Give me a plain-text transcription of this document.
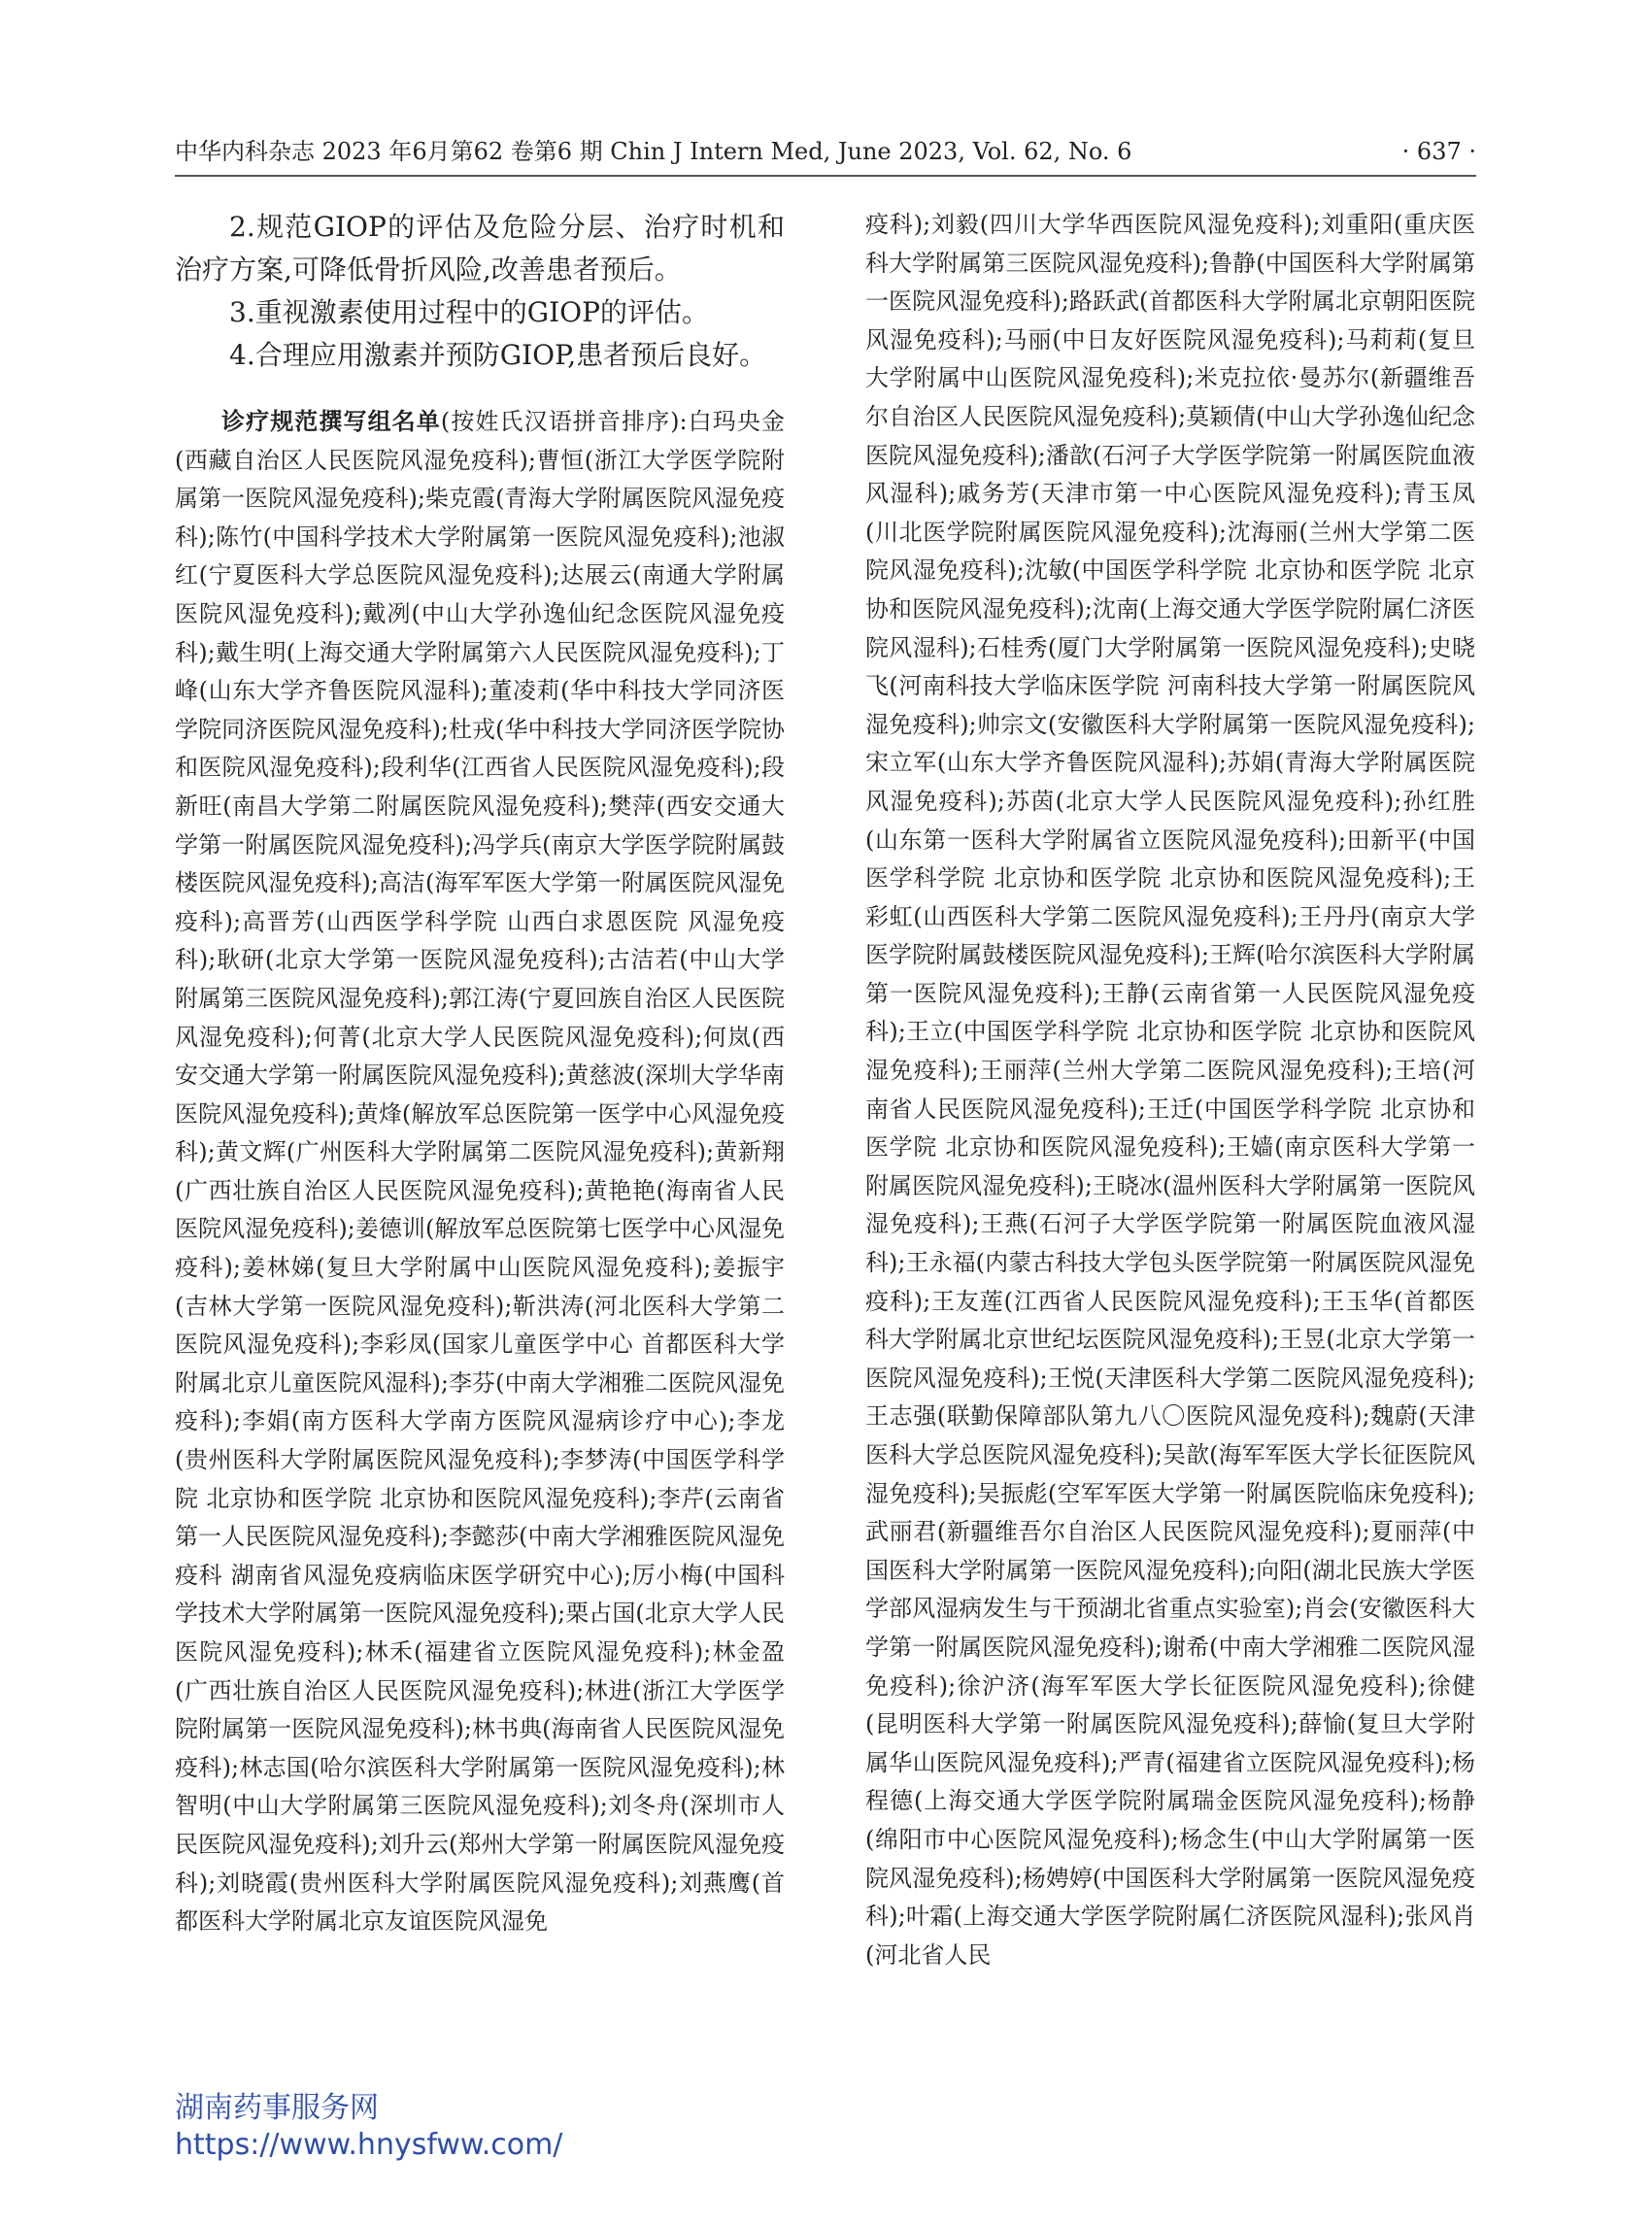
中华内科杂志 2023 年6月第62 卷第6 期 Chin J Intern Med, June 2023, Vol. 62, No. 6	· 637 ·

2.规范GIOP的评估及危险分层、治疗时机和治疗方案,可降低骨折风险,改善患者预后。

3.重视激素使用过程中的GIOP的评估。

4.合理应用激素并预防GIOP,患者预后良好。

诊疗规范撰写组名单(按姓氏汉语拼音排序):白玛央金(西藏自治区人民医院风湿免疫科);曹恒(浙江大学医学院附属第一医院风湿免疫科);柴克霞(青海大学附属医院风湿免疫科);陈竹(中国科学技术大学附属第一医院风湿免疫科);池淑红(宁夏医科大学总医院风湿免疫科);达展云(南通大学附属医院风湿免疫科);戴冽(中山大学孙逸仙纪念医院风湿免疫科);戴生明(上海交通大学附属第六人民医院风湿免疫科);丁峰(山东大学齐鲁医院风湿科);董凌莉(华中科技大学同济医学院同济医院风湿免疫科);杜戎(华中科技大学同济医学院协和医院风湿免疫科);段利华(江西省人民医院风湿免疫科);段新旺(南昌大学第二附属医院风湿免疫科);樊萍(西安交通大学第一附属医院风湿免疫科);冯学兵(南京大学医学院附属鼓楼医院风湿免疫科);高洁(海军军医大学第一附属医院风湿免疫科);高晋芳(山西医学科学院 山西白求恩医院 风湿免疫科);耿研(北京大学第一医院风湿免疫科);古洁若(中山大学附属第三医院风湿免疫科);郭江涛(宁夏回族自治区人民医院风湿免疫科);何菁(北京大学人民医院风湿免疫科);何岚(西安交通大学第一附属医院风湿免疫科);黄慈波(深圳大学华南医院风湿免疫科);黄烽(解放军总医院第一医学中心风湿免疫科);黄文辉(广州医科大学附属第二医院风湿免疫科);黄新翔(广西壮族自治区人民医院风湿免疫科);黄艳艳(海南省人民医院风湿免疫科);姜德训(解放军总医院第七医学中心风湿免疫科);姜林娣(复旦大学附属中山医院风湿免疫科);姜振宇(吉林大学第一医院风湿免疫科);靳洪涛(河北医科大学第二医院风湿免疫科);李彩凤(国家儿童医学中心 首都医科大学附属北京儿童医院风湿科);李芬(中南大学湘雅二医院风湿免疫科);李娟(南方医科大学南方医院风湿病诊疗中心);李龙(贵州医科大学附属医院风湿免疫科);李梦涛(中国医学科学院 北京协和医学院 北京协和医院风湿免疫科);李芹(云南省第一人民医院风湿免疫科);李懿莎(中南大学湘雅医院风湿免疫科 湖南省风湿免疫病临床医学研究中心);厉小梅(中国科学技术大学附属第一医院风湿免疫科);栗占国(北京大学人民医院风湿免疫科);林禾(福建省立医院风湿免疫科);林金盈(广西壮族自治区人民医院风湿免疫科);林进(浙江大学医学院附属第一医院风湿免疫科);林书典(海南省人民医院风湿免疫科);林志国(哈尔滨医科大学附属第一医院风湿免疫科);林智明(中山大学附属第三医院风湿免疫科);刘冬舟(深圳市人民医院风湿免疫科);刘升云(郑州大学第一附属医院风湿免疫科);刘晓霞(贵州医科大学附属医院风湿免疫科);刘燕鹰(首都医科大学附属北京友谊医院风湿免

疫科);刘毅(四川大学华西医院风湿免疫科);刘重阳(重庆医科大学附属第三医院风湿免疫科);鲁静(中国医科大学附属第一医院风湿免疫科);路跃武(首都医科大学附属北京朝阳医院风湿免疫科);马丽(中日友好医院风湿免疫科);马莉莉(复旦大学附属中山医院风湿免疫科);米克拉依·曼苏尔(新疆维吾尔自治区人民医院风湿免疫科);莫颖倩(中山大学孙逸仙纪念医院风湿免疫科);潘歆(石河子大学医学院第一附属医院血液风湿科);戚务芳(天津市第一中心医院风湿免疫科);青玉凤(川北医学院附属医院风湿免疫科);沈海丽(兰州大学第二医院风湿免疫科);沈敏(中国医学科学院 北京协和医学院 北京协和医院风湿免疫科);沈南(上海交通大学医学院附属仁济医院风湿科);石桂秀(厦门大学附属第一医院风湿免疫科);史晓飞(河南科技大学临床医学院 河南科技大学第一附属医院风湿免疫科);帅宗文(安徽医科大学附属第一医院风湿免疫科);宋立军(山东大学齐鲁医院风湿科);苏娟(青海大学附属医院风湿免疫科);苏茵(北京大学人民医院风湿免疫科);孙红胜(山东第一医科大学附属省立医院风湿免疫科);田新平(中国医学科学院 北京协和医学院 北京协和医院风湿免疫科);王彩虹(山西医科大学第二医院风湿免疫科);王丹丹(南京大学医学院附属鼓楼医院风湿免疫科);王辉(哈尔滨医科大学附属第一医院风湿免疫科);王静(云南省第一人民医院风湿免疫科);王立(中国医学科学院 北京协和医学院 北京协和医院风湿免疫科);王丽萍(兰州大学第二医院风湿免疫科);王培(河南省人民医院风湿免疫科);王迁(中国医学科学院 北京协和医学院 北京协和医院风湿免疫科);王嫱(南京医科大学第一附属医院风湿免疫科);王晓冰(温州医科大学附属第一医院风湿免疫科);王燕(石河子大学医学院第一附属医院血液风湿科);王永福(内蒙古科技大学包头医学院第一附属医院风湿免疫科);王友莲(江西省人民医院风湿免疫科);王玉华(首都医科大学附属北京世纪坛医院风湿免疫科);王昱(北京大学第一医院风湿免疫科);王悦(天津医科大学第二医院风湿免疫科);王志强(联勤保障部队第九八〇医院风湿免疫科);魏蔚(天津医科大学总医院风湿免疫科);吴歆(海军军医大学长征医院风湿免疫科);吴振彪(空军军医大学第一附属医院临床免疫科);武丽君(新疆维吾尔自治区人民医院风湿免疫科);夏丽萍(中国医科大学附属第一医院风湿免疫科);向阳(湖北民族大学医学部风湿病发生与干预湖北省重点实验室);肖会(安徽医科大学第一附属医院风湿免疫科);谢希(中南大学湘雅二医院风湿免疫科);徐沪济(海军军医大学长征医院风湿免疫科);徐健(昆明医科大学第一附属医院风湿免疫科);薛愉(复旦大学附属华山医院风湿免疫科);严青(福建省立医院风湿免疫科);杨程德(上海交通大学医学院附属瑞金医院风湿免疫科);杨静(绵阳市中心医院风湿免疫科);杨念生(中山大学附属第一医院风湿免疫科);杨娉婷(中国医科大学附属第一医院风湿免疫科);叶霜(上海交通大学医学院附属仁济医院风湿科);张风肖(河北省人民

湖南药事服务网
https://www.hnysfww.com/
